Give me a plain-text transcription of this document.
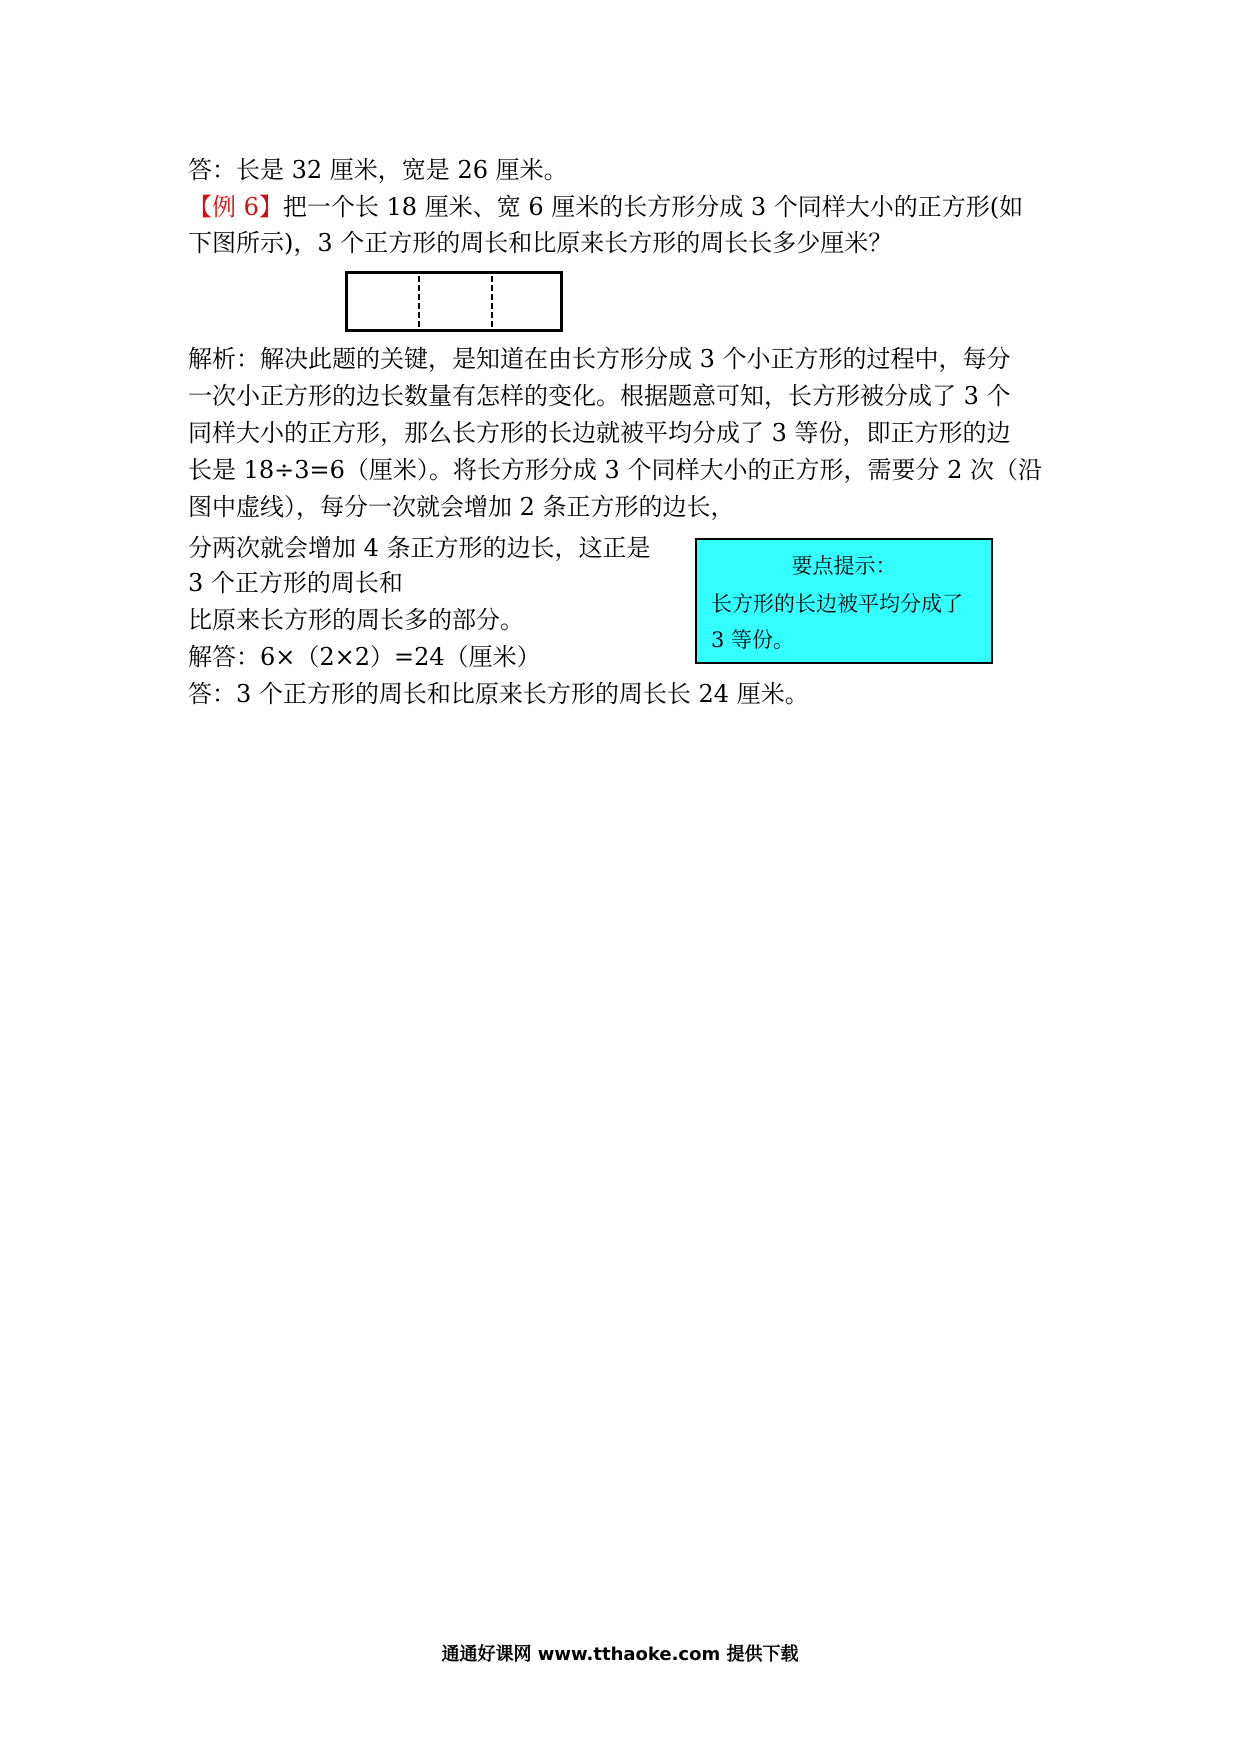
答：长是 32 厘米，宽是 26 厘米。
【例 6】把一个长 18 厘米、宽 6 厘米的长方形分成 3 个同样大小的正方形(如
下图所示)，3 个正方形的周长和比原来长方形的周长长多少厘米？
解析：解决此题的关键，是知道在由长方形分成 3 个小正方形的过程中，每分
一次小正方形的边长数量有怎样的变化。根据题意可知，长方形被分成了 3 个
同样大小的正方形，那么长方形的长边就被平均分成了 3 等份，即正方形的边
长是 18÷3=6（厘米）。将长方形分成 3 个同样大小的正方形，需要分 2 次（沿
图中虚线），每分一次就会增加 2 条正方形的边长，
分两次就会增加 4 条正方形的边长，这正是
3 个正方形的周长和
比原来长方形的周长多的部分。
解答：6×（2×2）=24（厘米）
答：3 个正方形的周长和比原来长方形的周长长 24 厘米。
要点提示：
长方形的长边被平均分成了
3 等份。
通通好课网 www.tthaoke.com 提供下载
